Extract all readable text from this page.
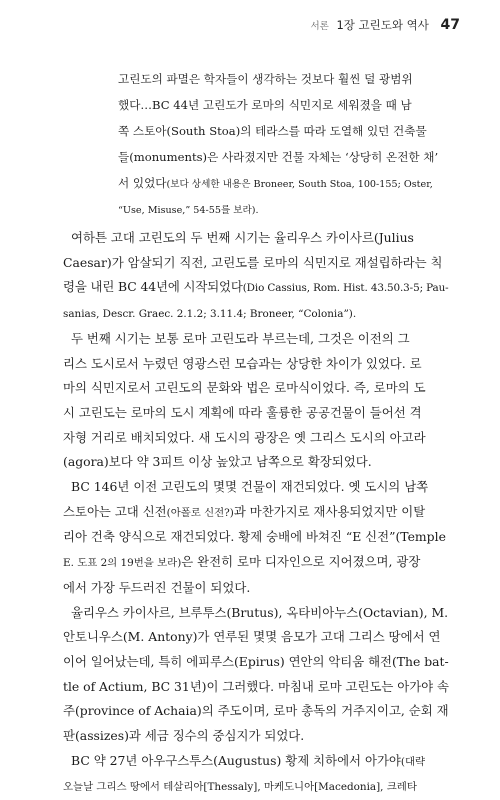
서론 1장 고린도와 역사 47
고린도의 파멸은 학자들이 생각하는 것보다 훨씬 덜 광범위
했다…BC 44년 고린도가 로마의 식민지로 세워졌을 때 남
쪽 스토아(South Stoa)의 테라스를 따라 도열해 있던 건축물
들(monuments)은 사라졌지만 건물 자체는 ‘상당히 온전한 채’
서 있었다(보다 상세한 내용은 Broneer, South Stoa, 100-155; Oster,
“Use, Misuse,” 54-55를 보라).

여하튼 고대 고린도의 두 번째 시기는 율리우스 카이사르(Julius

Caesar)가 암살되기 직전, 고린도를 로마의 식민지로 재설립하라는 칙

령을 내린 BC 44년에 시작되었다(Dio Cassius, Rom. Hist. 43.50.3-5; Pau-

sanias, Descr. Graec. 2.1.2; 3.11.4; Broneer, “Colonia”).

두 번째 시기는 보통 로마 고린도라 부르는데, 그것은 이전의 그

리스 도시로서 누렸던 영광스런 모습과는 상당한 차이가 있었다. 로

마의 식민지로서 고린도의 문화와 법은 로마식이었다. 즉, 로마의 도

시 고린도는 로마의 도시 계획에 따라 훌륭한 공공건물이 들어선 격

자형 거리로 배치되었다. 새 도시의 광장은 옛 그리스 도시의 아고라

(agora)보다 약 3피트 이상 높았고 남쪽으로 확장되었다.

BC 146년 이전 고린도의 몇몇 건물이 재건되었다. 옛 도시의 남쪽

스토아는 고대 신전(아폴로 신전?)과 마찬가지로 재사용되었지만 이탈

리아 건축 양식으로 재건되었다. 황제 숭배에 바쳐진 “E 신전”(Temple

E. 도표 2의 19번을 보라)은 완전히 로마 디자인으로 지어졌으며, 광장

에서 가장 두드러진 건물이 되었다.

율리우스 카이사르, 브루투스(Brutus), 옥타비아누스(Octavian), M.

안토니우스(M. Antony)가 연루된 몇몇 음모가 고대 그리스 땅에서 연

이어 일어났는데, 특히 에피루스(Epirus) 연안의 악티움 해전(The bat-

tle of Actium, BC 31년)이 그러했다. 마침내 로마 고린도는 아가야 속

주(province of Achaia)의 주도이며, 로마 총독의 거주지이고, 순회 재

판(assizes)과 세금 징수의 중심지가 되었다.

BC 약 27년 아우구스투스(Augustus) 황제 치하에서 아가야(대략

오늘날 그리스 땅에서 테살리아[Thessaly], 마케도니아[Macedonia], 크레타
